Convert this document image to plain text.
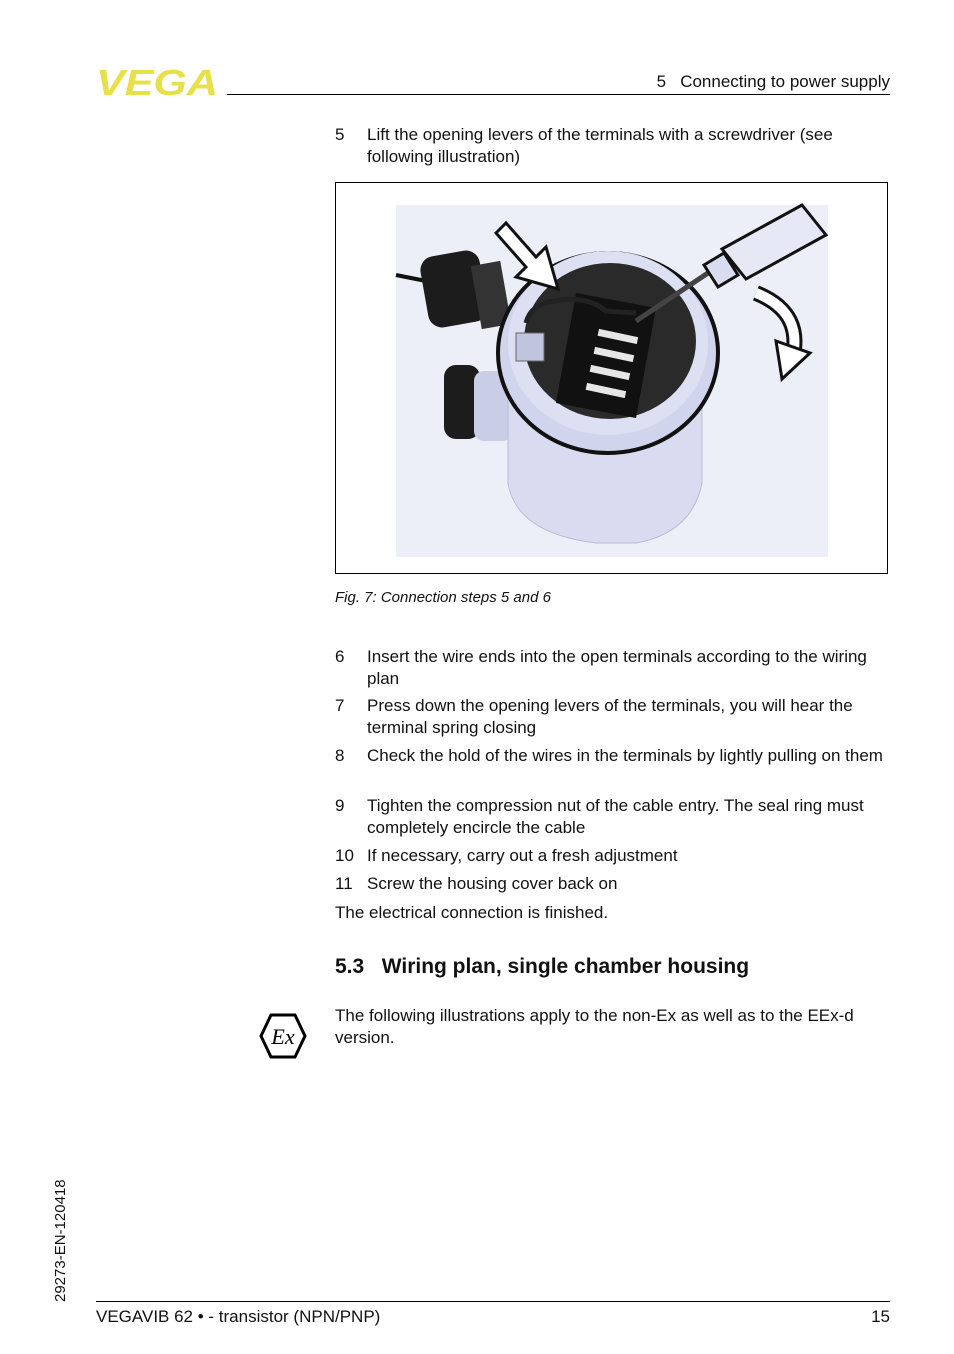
VEGA	5   Connecting to power supply
5 Lift the opening levers of the terminals with a screwdriver (see following illustration)
Fig. 7: Connection steps 5 and 6
6 Insert the wire ends into the open terminals according to the wiring plan
7 Press down the opening levers of the terminals, you will hear the terminal spring closing
8 Check the hold of the wires in the terminals by lightly pulling on them
9 Tighten the compression nut of the cable entry. The seal ring must completely encircle the cable
10 If necessary, carry out a fresh adjustment
11 Screw the housing cover back on
The electrical connection is finished.
5.3 Wiring plan, single chamber housing
Ex
The following illustrations apply to the non-Ex as well as to the EEx-d version.
29273-EN-120418
VEGAVIB 62 • - transistor (NPN/PNP)	15
